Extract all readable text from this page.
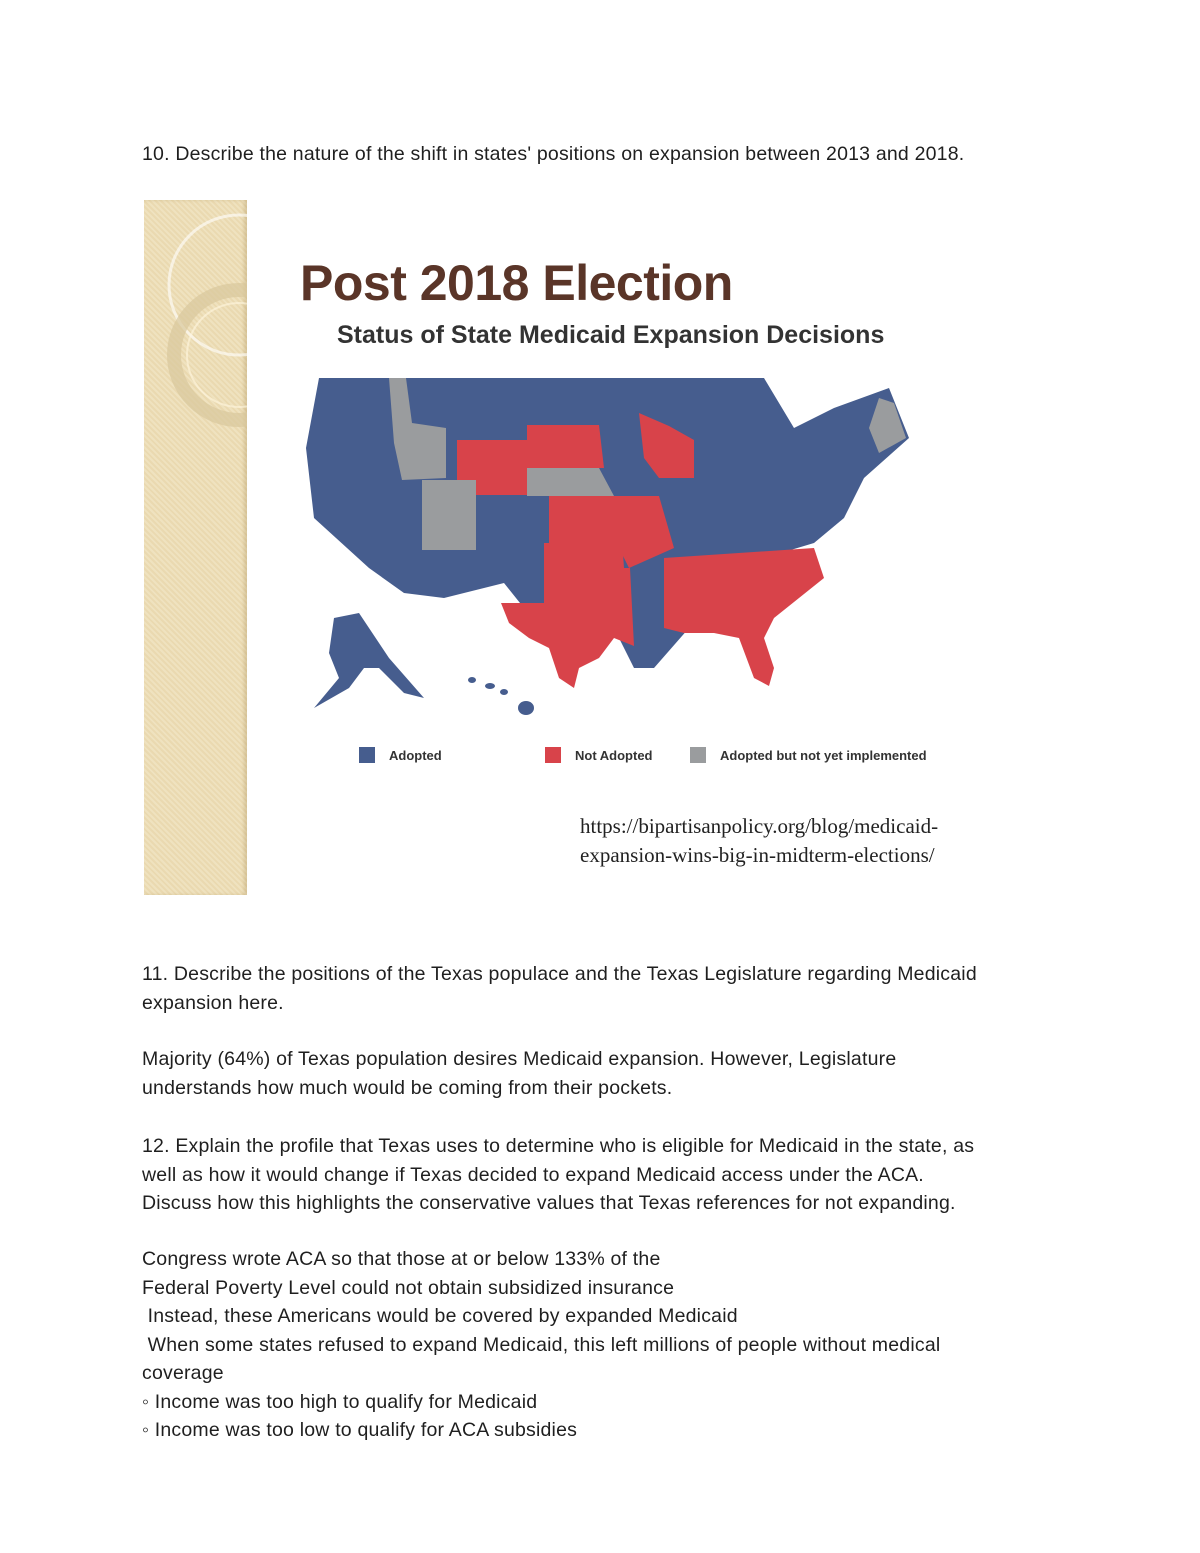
10. Describe the nature of the shift in states' positions on expansion between 2013 and 2018.
Post 2018 Election
Status of State Medicaid Expansion Decisions
Adopted	Not Adopted	Adopted but not yet implemented
https://bipartisanpolicy.org/blog/medicaid-
expansion-wins-big-in-midterm-elections/

11. Describe the positions of the Texas populace and the Texas Legislature regarding Medicaid
expansion here.

Majority (64%) of Texas population desires Medicaid expansion. However, Legislature
understands how much would be coming from their pockets.

12. Explain the profile that Texas uses to determine who is eligible for Medicaid in the state, as
well as how it would change if Texas decided to expand Medicaid access under the ACA.
Discuss how this highlights the conservative values that Texas references for not expanding.

Congress wrote ACA so that those at or below 133% of the
Federal Poverty Level could not obtain subsidized insurance
Instead, these Americans would be covered by expanded Medicaid
When some states refused to expand Medicaid, this left millions of people without medical
coverage
◦ Income was too high to qualify for Medicaid
◦ Income was too low to qualify for ACA subsidies
